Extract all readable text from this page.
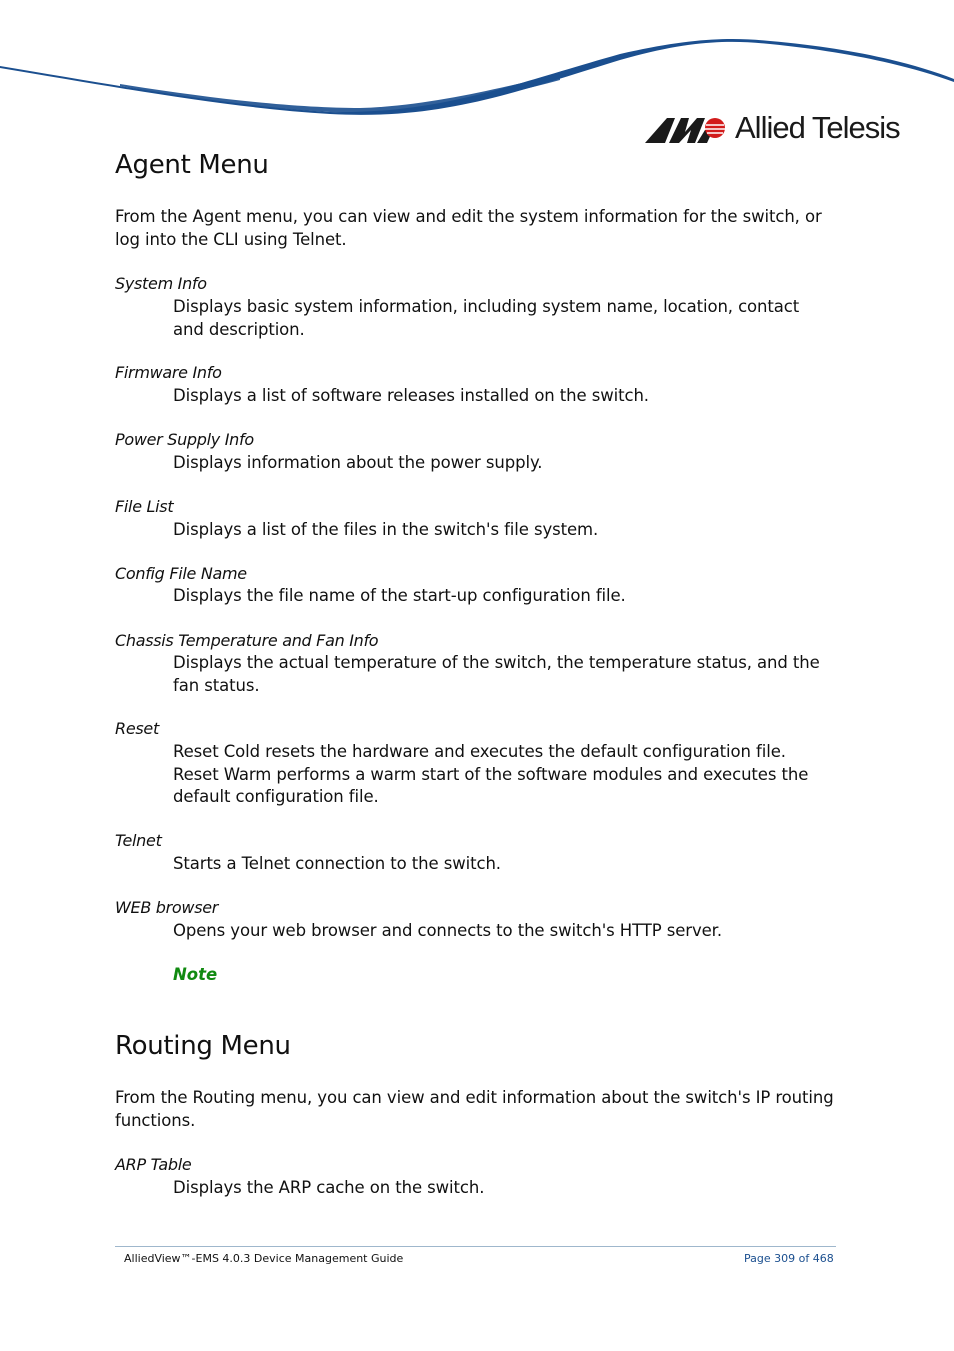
Allied Telesis
Agent Menu
From the Agent menu, you can view and edit the system information for the switch, or log into the CLI using Telnet.
System Info
Displays basic system information, including system name, location, contact and description.
Firmware Info
Displays a list of software releases installed on the switch.
Power Supply Info
Displays information about the power supply.
File List
Displays a list of the files in the switch's file system.
Config File Name
Displays the file name of the start-up configuration file.
Chassis Temperature and Fan Info
Displays the actual temperature of the switch, the temperature status, and the fan status.
Reset
Reset Cold resets the hardware and executes the default configuration file. Reset Warm performs a warm start of the software modules and executes the default configuration file.
Telnet
Starts a Telnet connection to the switch.
WEB browser
Opens your web browser and connects to the switch's HTTP server.
Note
Routing Menu
From the Routing menu, you can view and edit information about the switch's IP routing functions.
ARP Table
Displays the ARP cache on the switch.
AlliedView™-EMS 4.0.3 Device Management Guide	Page 309 of 468
